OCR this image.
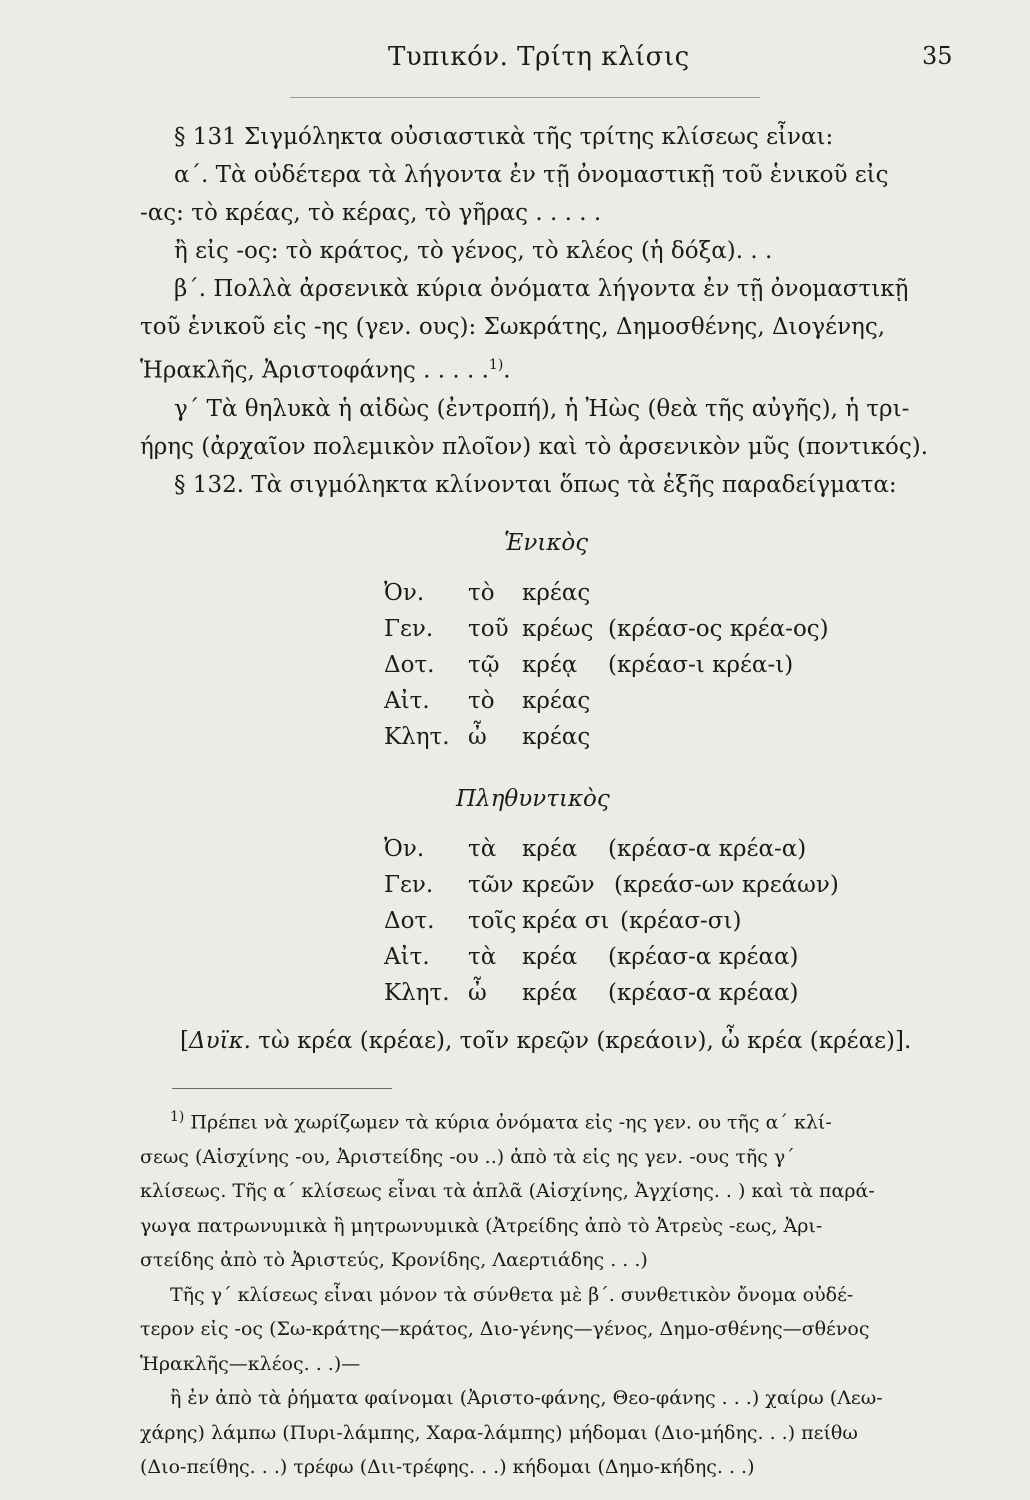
Τυπικόν. Τρίτη κλίσις	35

§ 131 Σιγμόληκτα οὐσιαστικὰ τῆς τρίτης κλίσεως εἶναι:

α΄. Τὰ οὐδέτερα τὰ λήγοντα ἐν τῇ ὀνομαστικῇ τοῦ ἑνικοῦ εἰς

-ας: τὸ κρέας, τὸ κέρας, τὸ γῆρας . . . . .

ἢ εἰς -ος: τὸ κράτος, τὸ γένος, τὸ κλέος (ἡ δόξα). . .

β΄. Πολλὰ ἀρσενικὰ κύρια ὀνόματα λήγοντα ἐν τῇ ὀνομαστικῇ

τοῦ ἑνικοῦ εἰς -ης (γεν. ους): Σωκράτης, Δημοσθένης, Διογένης,

Ἡρακλῆς, Ἀριστοφάνης . . . . .$^{1)}$.

γ΄ Τὰ θηλυκὰ ἡ αἰδὼς (ἐντροπή), ἡ Ἠὼς (θεὰ τῆς αὐγῆς), ἡ τρι-

ήρης (ἀρχαῖον πολεμικὸν πλοῖον) καὶ τὸ ἀρσενικὸν μῦς (ποντικός).

§ 132. Τὰ σιγμόληκτα κλίνονται ὅπως τὰ ἑξῆς παραδείγματα:

Ἑνικὸς
Ὀν. τὸ κρέας
Γεν. τοῦ κρέως (κρέασ-ος κρέα-ος)
Δοτ. τῷ κρέᾳ (κρέασ-ι κρέα-ι)
Αἰτ. τὸ κρέας
Κλητ. ὦ κρέας
Πληθυντικὸς
Ὀν. τὰ κρέα (κρέασ-α κρέα-α)
Γεν. τῶν κρεῶν (κρεάσ-ων κρεάων)
Δοτ. τοῖς κρέα σι (κρέασ-σι)
Αἰτ. τὰ κρέα (κρέασ-α κρέαα)
Κλητ. ὦ κρέα (κρέασ-α κρέαα)
[Δυϊκ. τὼ κρέα (κρέαε), τοῖν κρεῷν (κρεάοιν), ὦ κρέα (κρέαε)].

$^{1)}$ Πρέπει νὰ χωρίζωμεν τὰ κύρια ὀνόματα εἰς -ης γεν. ου τῆς α΄ κλί-

σεως (Αἰσχίνης -ου, Ἀριστείδης -ου ..) ἀπὸ τὰ εἰς ης γεν. -ους τῆς γ΄

κλίσεως. Τῆς α΄ κλίσεως εἶναι τὰ ἁπλᾶ (Αἰσχίνης, Ἀγχίσης. . ) καὶ τὰ παρά-

γωγα πατρωνυμικὰ ἢ μητρωνυμικὰ (Ἀτρείδης ἀπὸ τὸ Ἀτρεὺς -εως, Ἀρι-

στείδης ἀπὸ τὸ Ἀριστεύς, Κρονίδης, Λαερτιάδης . . .)

Τῆς γ΄ κλίσεως εἶναι μόνον τὰ σύνθετα μὲ β΄. συνθετικὸν ὄνομα οὐδέ-

τερον εἰς -ος (Σω-κράτης—κράτος, Διο-γένης—γένος, Δημο-σθένης—σθένος

Ἡρακλῆς—κλέος. . .)—

ἢ ἐν ἀπὸ τὰ ῥήματα φαίνομαι (Ἀριστο-φάνης, Θεο-φάνης . . .) χαίρω (Λεω-

χάρης) λάμπω (Πυρι-λάμπης, Χαρα-λάμπης) μήδομαι (Διο-μήδης. . .) πείθω

(Διο-πείθης. . .) τρέφω (Διι-τρέφης. . .) κήδομαι (Δημο-κήδης. . .)
